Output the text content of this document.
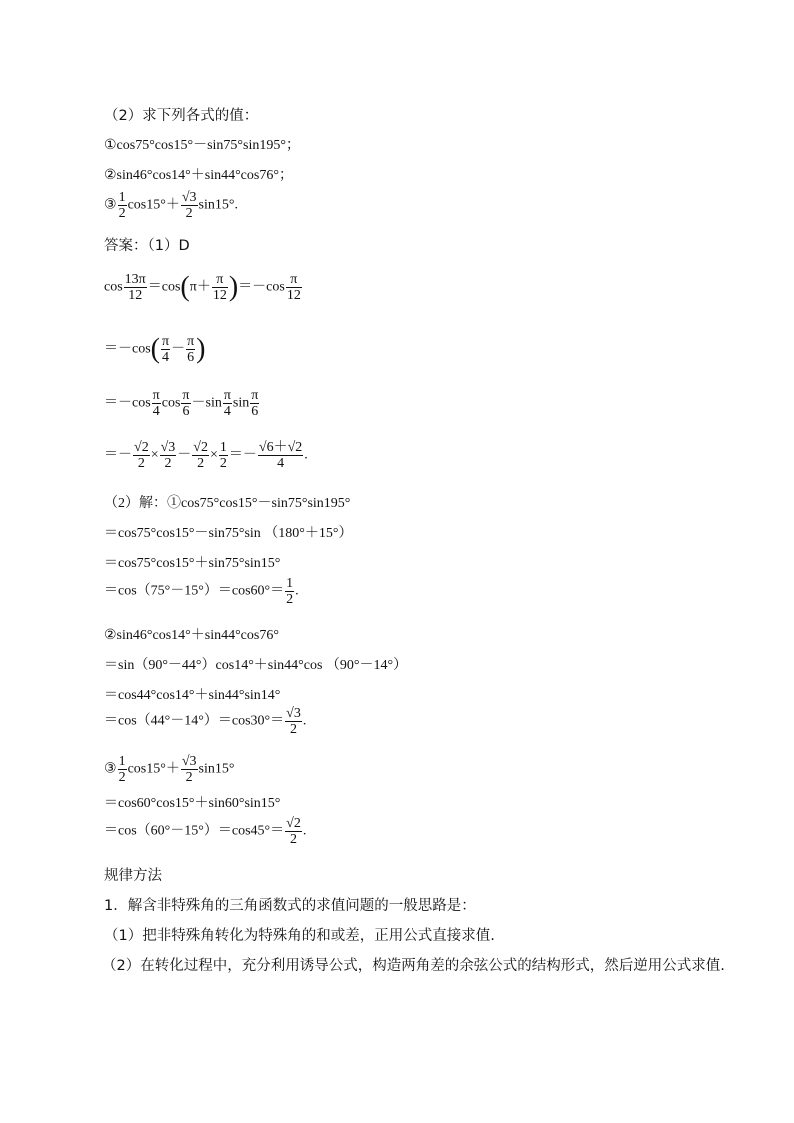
（2）求下列各式的值：
①cos75°cos15°－sin75°sin195°；
②sin46°cos14°＋sin44°cos76°；
③ $\frac{1}{2} \cos 15^\circ+ \frac{√3}{2} \sin 15^\circ$.
答案：（1）D
$\cos \frac{13\pi}{12} =\cos(\pi+ \frac{\pi}{12} )=-\cos \frac{\pi}{12}$
$=-\cos( \frac{\pi}{4} - \frac{\pi}{6}$ )
$=-\cos \frac{\pi}{4}$ $\cos \frac{\pi}{6} -\sin \frac{\pi}{4}$ $\sin \frac{\pi}{6}$
＝－ $\frac{√2}{2} \times \frac{√3}{2} - \frac{√2}{2} \times \frac{1}{2} =- \frac{√6+√2}{4}$ .
（2）解：①cos75°cos15°－sin75°sin195°
＝cos75°cos15°－sin75°sin （180°＋15°）
＝cos75°cos15°＋sin75°sin15°
$=\cos(75^\circ-15^\circ)=\cos 60^\circ= \frac{1}{2}$ .
②sin46°cos14°＋sin44°cos76°
＝sin（90°－44°）cos14°＋sin44°cos （90°－14°）
＝cos44°cos14°＋sin44°sin14°
$=\cos(44^\circ-14^\circ)=\cos 30^\circ= \frac{√3}{2}$ .
③ $\frac{1}{2} \cos 15^\circ+ \frac{√3}{2} \sin 15^\circ$
＝cos60°cos15°＋sin60°sin15°
$=\cos(60^\circ-15^\circ)=\cos 45^\circ= \frac{√2}{2}$ .
规律方法
1．解含非特殊角的三角函数式的求值问题的一般思路是：
（1）把非特殊角转化为特殊角的和或差，正用公式直接求值.
（2）在转化过程中，充分利用诱导公式，构造两角差的余弦公式的结构形式，然后逆用公式求值.
